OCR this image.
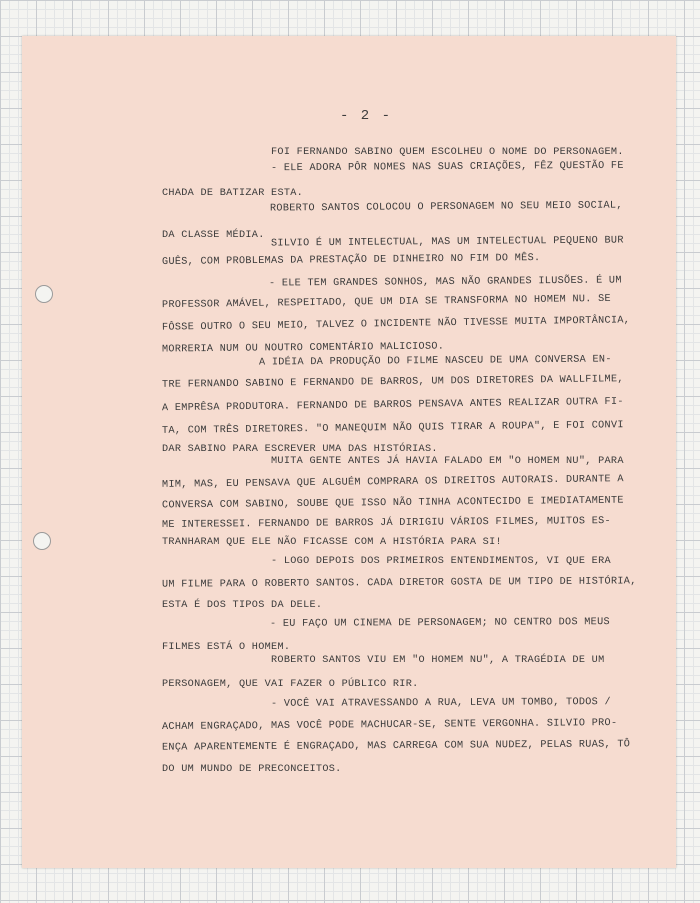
- 2 -
FOI FERNANDO SABINO QUEM ESCOLHEU O NOME DO PERSONAGEM.
- ELE ADORA PÔR NOMES NAS SUAS CRIAÇÕES, FÊZ QUESTÃO FE
CHADA DE BATIZAR ESTA.
ROBERTO SANTOS COLOCOU O PERSONAGEM NO SEU MEIO SOCIAL,
DA CLASSE MÉDIA. SILVIO É UM INTELECTUAL, MAS UM INTELECTUAL PEQUENO BUR
GUÊS, COM PROBLEMAS DA PRESTAÇÃO DE DINHEIRO NO FIM DO MÊS.
- ELE TEM GRANDES SONHOS, MAS NÃO GRANDES ILUSÕES. É UM
PROFESSOR AMÁVEL, RESPEITADO, QUE UM DIA SE TRANSFORMA NO HOMEM NU. SE
FÔSSE OUTRO O SEU MEIO, TALVEZ O INCIDENTE NÃO TIVESSE MUITA IMPORTÂNCIA,
MORRERIA NUM OU NOUTRO COMENTÁRIO MALICIOSO.
A IDÉIA DA PRODUÇÃO DO FILME NASCEU DE UMA CONVERSA EN-
TRE FERNANDO SABINO E FERNANDO DE BARROS, UM DOS DIRETORES DA WALLFILME,
A EMPRÊSA PRODUTORA. FERNANDO DE BARROS PENSAVA ANTES REALIZAR OUTRA FI-
TA, COM TRÊS DIRETORES. "O MANEQUIM NÃO QUIS TIRAR A ROUPA", E FOI CONVI
DAR SABINO PARA ESCREVER UMA DAS HISTÓRIAS.
MUITA GENTE ANTES JÁ HAVIA FALADO EM "O HOMEM NU", PARA
MIM, MAS, EU PENSAVA QUE ALGUÉM COMPRARA OS DIREITOS AUTORAIS. DURANTE A
CONVERSA COM SABINO, SOUBE QUE ISSO NÃO TINHA ACONTECIDO E IMEDIATAMENTE
ME INTERESSEI. FERNANDO DE BARROS JÁ DIRIGIU VÁRIOS FILMES, MUITOS ES-
TRANHARAM QUE ELE NÃO FICASSE COM A HISTÓRIA PARA SI!
- LOGO DEPOIS DOS PRIMEIROS ENTENDIMENTOS, VI QUE ERA
UM FILME PARA O ROBERTO SANTOS. CADA DIRETOR GOSTA DE UM TIPO DE HISTÓRIA,
ESTA É DOS TIPOS DA DELE.
- EU FAÇO UM CINEMA DE PERSONAGEM; NO CENTRO DOS MEUS
FILMES ESTÁ O HOMEM.
ROBERTO SANTOS VIU EM "O HOMEM NU", A TRAGÉDIA DE UM
PERSONAGEM, QUE VAI FAZER O PÚBLICO RIR.
- VOCÊ VAI ATRAVESSANDO A RUA, LEVA UM TOMBO, TODOS /
ACHAM ENGRAÇADO, MAS VOCÊ PODE MACHUCAR-SE, SENTE VERGONHA. SILVIO PRO-
ENÇA APARENTEMENTE É ENGRAÇADO, MAS CARREGA COM SUA NUDEZ, PELAS RUAS, TÔ
DO UM MUNDO DE PRECONCEITOS.
